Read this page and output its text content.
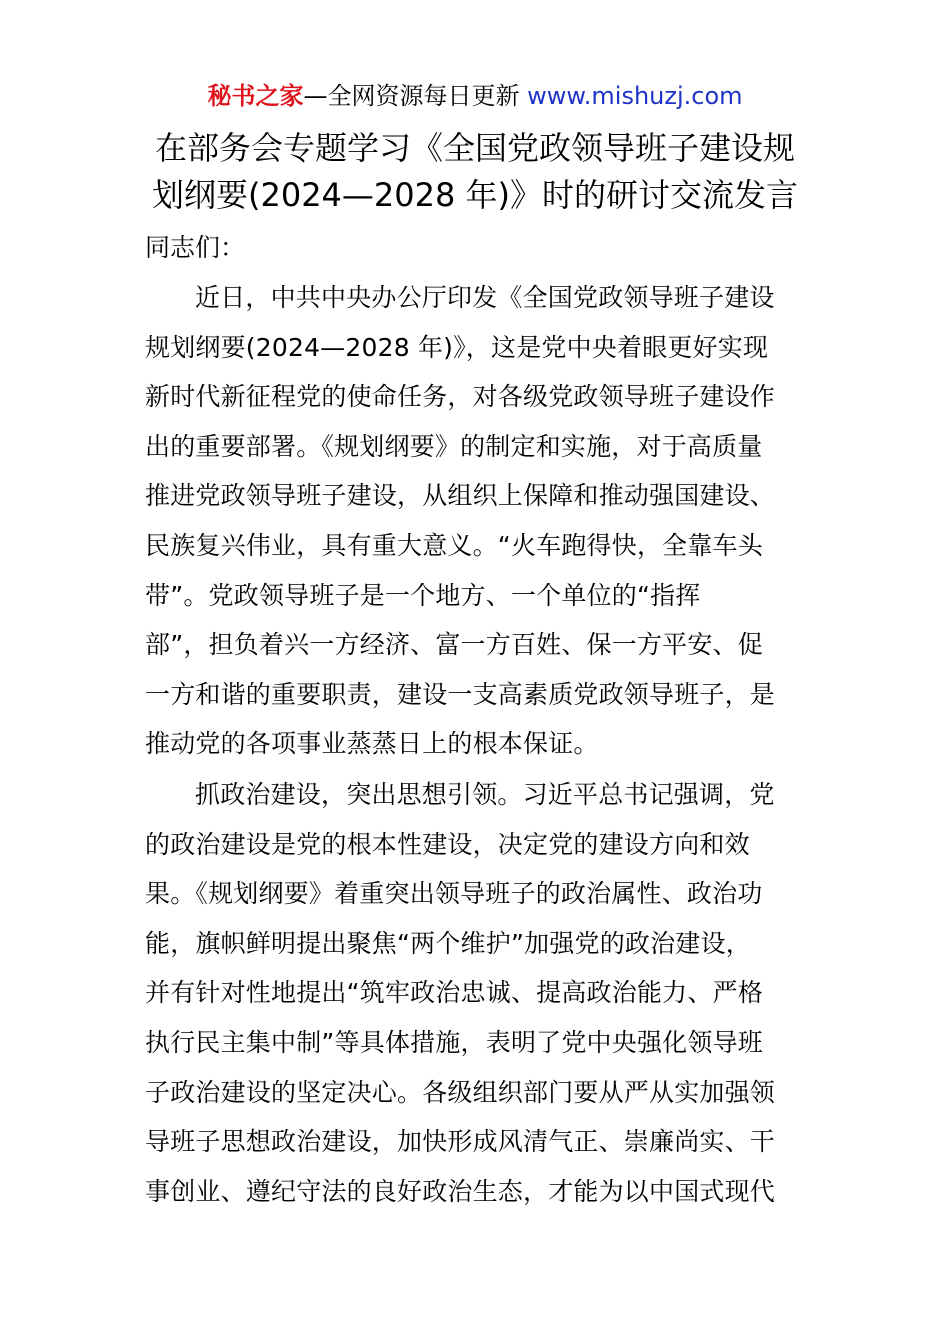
秘书之家—全网资源每日更新 www.mishuzj.com
在部务会专题学习《全国党政领导班子建设规
划纲要(2024—2028 年)》时的研讨交流发言
同志们：
近日，中共中央办公厅印发《全国党政领导班子建设
规划纲要(2024—2028 年)》，这是党中央着眼更好实现
新时代新征程党的使命任务，对各级党政领导班子建设作
出的重要部署。《规划纲要》的制定和实施，对于高质量
推进党政领导班子建设，从组织上保障和推动强国建设、
民族复兴伟业，具有重大意义。“火车跑得快，全靠车头
带”。党政领导班子是一个地方、一个单位的“指挥
部”，担负着兴一方经济、富一方百姓、保一方平安、促
一方和谐的重要职责，建设一支高素质党政领导班子，是
推动党的各项事业蒸蒸日上的根本保证。
抓政治建设，突出思想引领。习近平总书记强调，党
的政治建设是党的根本性建设，决定党的建设方向和效
果。《规划纲要》着重突出领导班子的政治属性、政治功
能，旗帜鲜明提出聚焦“两个维护”加强党的政治建设，
并有针对性地提出“筑牢政治忠诚、提高政治能力、严格
执行民主集中制”等具体措施，表明了党中央强化领导班
子政治建设的坚定决心。各级组织部门要从严从实加强领
导班子思想政治建设，加快形成风清气正、崇廉尚实、干
事创业、遵纪守法的良好政治生态，才能为以中国式现代
